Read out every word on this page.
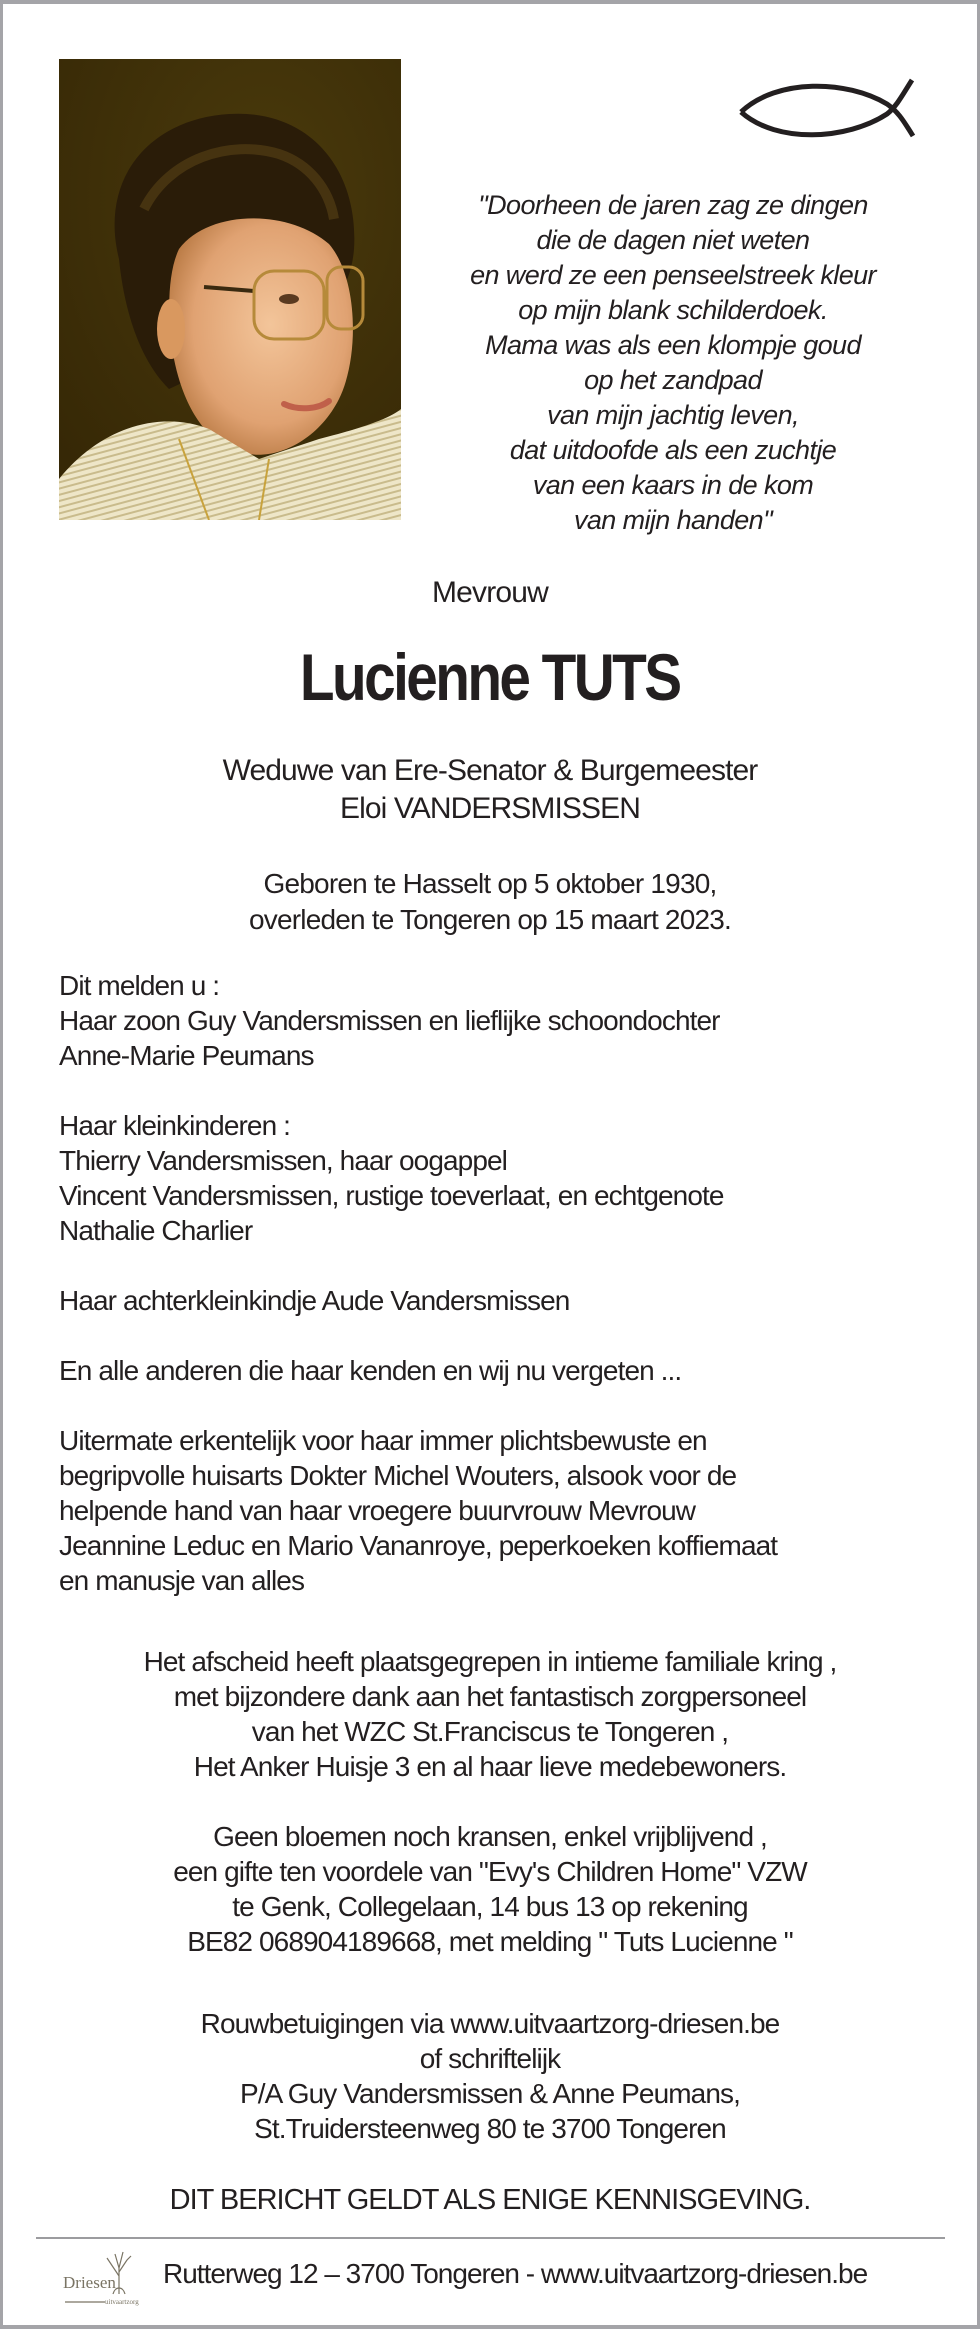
"Doorheen de jaren zag ze dingen
die de dagen niet weten
en werd ze een penseelstreek kleur
op mijn blank schilderdoek.
Mama was als een klompje goud
op het zandpad
van mijn jachtig leven,
dat uitdoofde als een zuchtje
van een kaars in de kom
van mijn handen"
Mevrouw
Lucienne TUTS
Weduwe van Ere-Senator & Burgemeester
Eloi VANDERSMISSEN
Geboren te Hasselt op 5 oktober 1930,
overleden te Tongeren op 15 maart 2023.
Dit melden u :
Haar zoon Guy Vandersmissen en lieflijke schoondochter
Anne-Marie Peumans
Haar kleinkinderen :
Thierry Vandersmissen, haar oogappel
Vincent Vandersmissen, rustige toeverlaat, en echtgenote
Nathalie Charlier
Haar achterkleinkindje Aude Vandersmissen
En alle anderen die haar kenden en wij nu vergeten ...
Uitermate erkentelijk voor haar immer plichtsbewuste en
begripvolle huisarts Dokter Michel Wouters, alsook voor de
helpende hand van haar vroegere buurvrouw Mevrouw
Jeannine Leduc en Mario Vananroye, peperkoeken koffiemaat
en manusje van alles
Het afscheid heeft plaatsgegrepen in intieme familiale kring ,
met bijzondere dank aan het fantastisch zorgpersoneel
van het WZC St.Franciscus te Tongeren ,
Het Anker Huisje 3 en al haar lieve medebewoners.
Geen bloemen noch kransen, enkel vrijblijvend ,
een gifte ten voordele van "Evy's Children Home" VZW
te Genk, Collegelaan, 14 bus 13 op rekening
BE82 068904189668, met melding " Tuts Lucienne "
Rouwbetuigingen via www.uitvaartzorg-driesen.be
of schriftelijk
P/A Guy Vandersmissen & Anne Peumans,
St.Truidersteenweg 80 te 3700 Tongeren
DIT BERICHT GELDT ALS ENIGE KENNISGEVING.
Driesen
uitvaartzorg
Rutterweg 12 – 3700 Tongeren - www.uitvaartzorg-driesen.be
